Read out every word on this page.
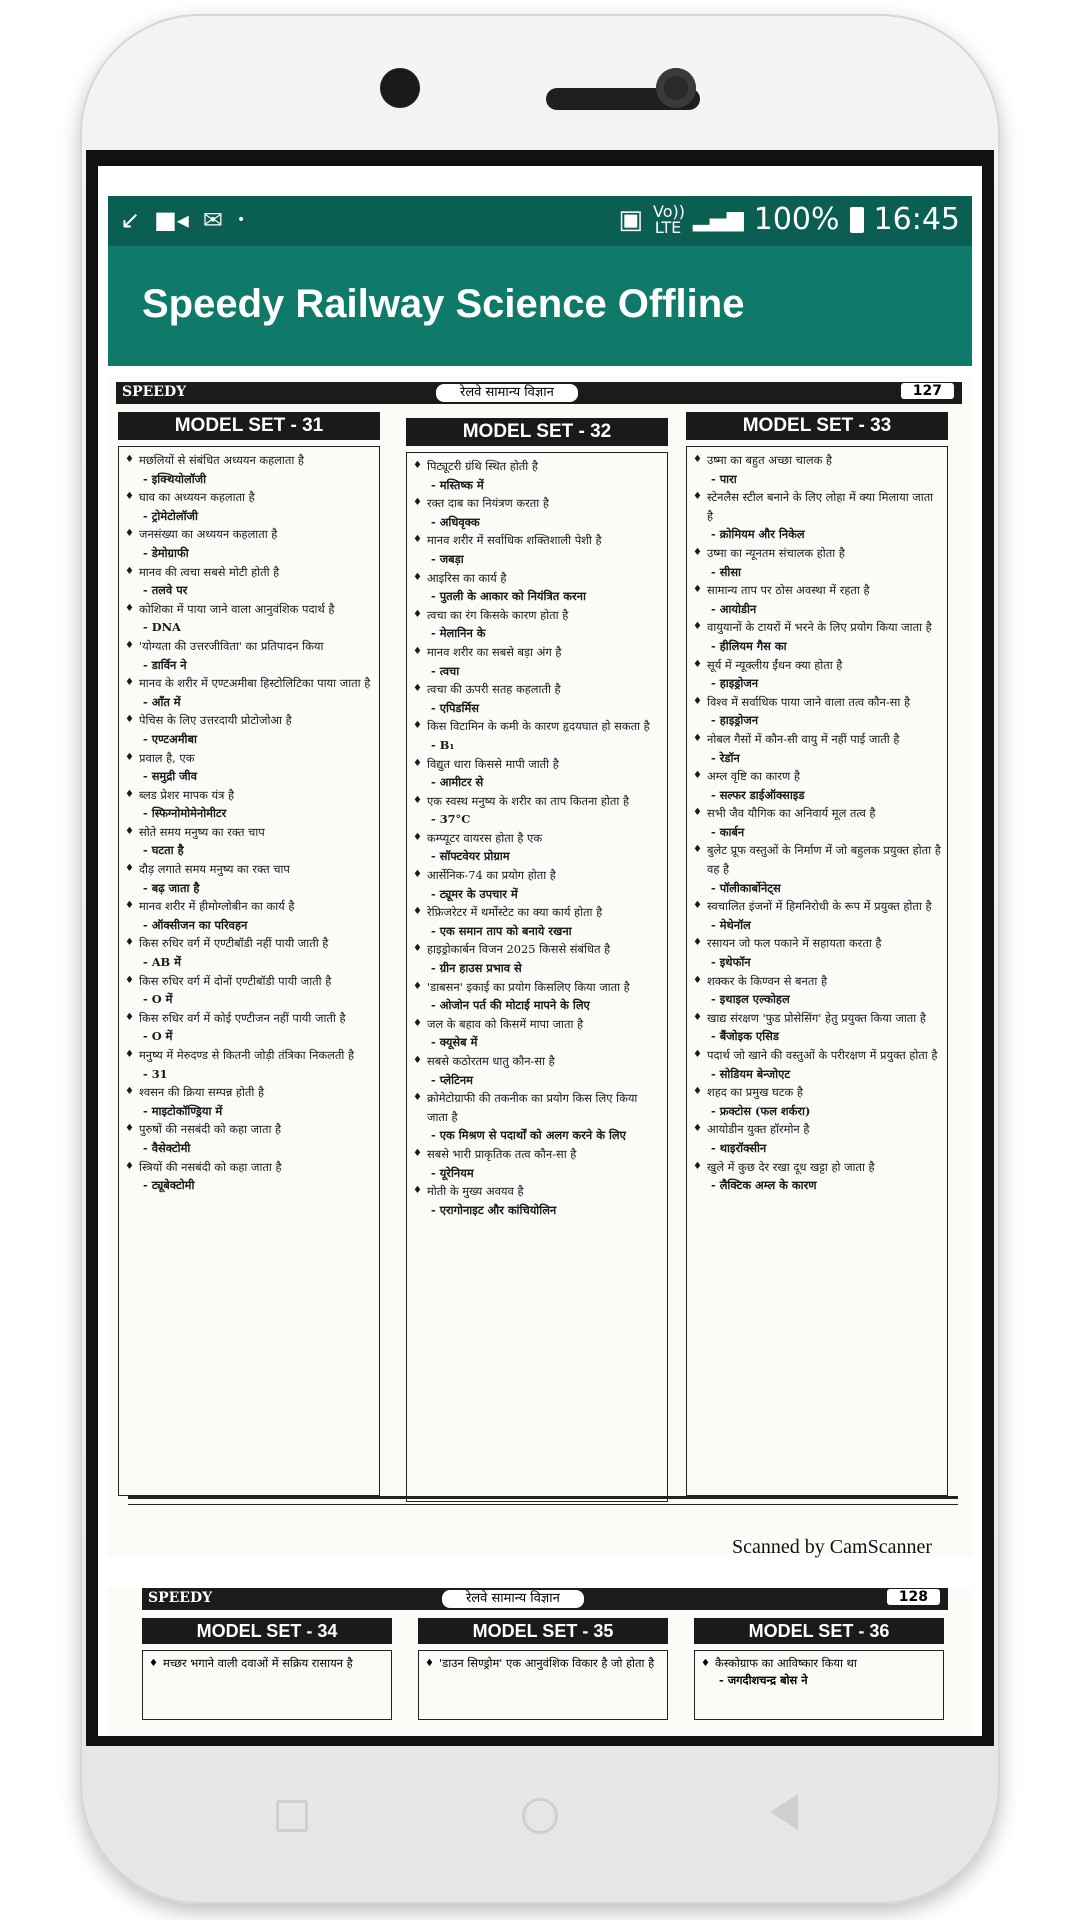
↙ ■◂ ✉ •	▣ Vo)) LTE ▂▄▆ 100% 16:45
Speedy Railway Science Offline
SPEEDY	रेलवे सामान्य विज्ञान	127
MODEL SET - 31
♦ मछलियों से संबंधित अध्ययन कहलाता है
- इक्थियोलॉजी
♦ घाव का अध्ययन कहलाता है
- ट्रोमेटोलॉजी
♦ जनसंख्या का अध्ययन कहलाता है
- डेमोग्राफी
♦ मानव की त्वचा सबसे मोटी होती है
- तलवे पर
♦ कोशिका में पाया जाने वाला आनुवंशिक पदार्थ है
- DNA
♦ 'योग्यता की उत्तरजीविता' का प्रतिपादन किया
- डार्विन ने
♦ मानव के शरीर में एण्टअमीबा हिस्टोलिटिका पाया जाता है
- आँत में
♦ पेचिस के लिए उत्तरदायी प्रोटोजोआ है
- एण्टअमीबा
♦ प्रवाल है, एक
- समुद्री जीव
♦ ब्लड प्रेशर मापक यंत्र है
- स्फिग्नोमोमेनोमीटर
♦ सोते समय मनुष्य का रक्त चाप
- घटता है
♦ दौड़ लगाते समय मनुष्य का रक्त चाप
- बढ़ जाता है
♦ मानव शरीर में हीमोग्लोबीन का कार्य है
- ऑक्सीजन का परिवहन
♦ किस रुधिर वर्ग में एण्टीबॉडी नहीं पायी जाती है
- AB में
♦ किस रुधिर वर्ग में दोनों एण्टीबॉडी पायी जाती है
- O में
♦ किस रुधिर वर्ग में कोई एण्टीजन नहीं पायी जाती है
- O में
♦ मनुष्य में मेरुदण्ड से कितनी जोड़ी तंत्रिका निकलती है
- 31
♦ श्वसन की क्रिया सम्पन्न होती है
- माइटोकॉण्ड्रिया में
♦ पुरुषों की नसबंदी को कहा जाता है
- वैसेक्टोमी
♦ स्त्रियों की नसबंदी को कहा जाता है
- ट्यूबेक्टोमी
MODEL SET - 32
♦ पिट्यूटरी ग्रंथि स्थित होती है
- मस्तिष्क में
♦ रक्त दाब का नियंत्रण करता है
- अधिवृक्क
♦ मानव शरीर में सर्वाधिक शक्तिशाली पेशी है
- जबड़ा
♦ आइरिस का कार्य है
- पुतली के आकार को नियंत्रित करना
♦ त्वचा का रंग किसके कारण होता है
- मेलानिन के
♦ मानव शरीर का सबसे बड़ा अंग है
- त्वचा
♦ त्वचा की ऊपरी सतह कहलाती है
- एपिडर्मिस
♦ किस विटामिन के कमी के कारण हृदयघात हो सकता है
- B₁
♦ विद्युत धारा किससे मापी जाती है
- आमीटर से
♦ एक स्वस्थ मनुष्य के शरीर का ताप कितना होता है
- 37°C
♦ कम्प्यूटर वायरस होता है एक
- सॉफ्टवेयर प्रोग्राम
♦ आर्सेनिक-74 का प्रयोग होता है
- ट्यूमर के उपचार में
♦ रेफ्रिजरेटर में थर्मोस्टेट का क्या कार्य होता है
- एक समान ताप को बनाये रखना
♦ हाइड्रोकार्बन विजन 2025 किससे संबंधित है
- ग्रीन हाउस प्रभाव से
♦ 'डाबसन' इकाई का प्रयोग किसलिए किया जाता है
- ओजोन पर्त की मोटाई मापने के लिए
♦ जल के बहाव को किसमें मापा जाता है
- क्यूसेब में
♦ सबसे कठोरतम धातु कौन-सा है
- प्लेटिनम
♦ क्रोमेटोग्राफी की तकनीक का प्रयोग किस लिए किया जाता है
- एक मिश्रण से पदार्थों को अलग करने के लिए
♦ सबसे भारी प्राकृतिक तत्व कौन-सा है
- यूरेनियम
♦ मोती के मुख्य अवयव है
- एरागोनाइट और कांचियोलिन
MODEL SET - 33
♦ उष्मा का बहुत अच्छा चालक है
- पारा
♦ स्टेनलैस स्टील बनाने के लिए लोहा में क्या मिलाया जाता है
- क्रोमियम और निकेल
♦ उष्मा का न्यूनतम संचालक होता है
- सीसा
♦ सामान्य ताप पर ठोस अवस्था में रहता है
- आयोडीन
♦ वायुयानों के टायरों में भरने के लिए प्रयोग किया जाता है
- हीलियम गैस का
♦ सूर्य में न्यूक्लीय ईंधन क्या होता है
- हाइड्रोजन
♦ विश्व में सर्वाधिक पाया जाने वाला तत्व कौन-सा है
- हाइड्रोजन
♦ नोबल गैसों में कौन-सी वायु में नहीं पाई जाती है
- रेडॉन
♦ अम्ल वृष्टि का कारण है
- सल्फर डाईऑक्साइड
♦ सभी जैव यौगिक का अनिवार्य मूल तत्व है
- कार्बन
♦ बुलेट प्रूफ वस्तुओं के निर्माण में जो बहुलक प्रयुक्त होता है वह है
- पॉलीकार्बोनेट्स
♦ स्वचालित इंजनों में हिमनिरोधी के रूप में प्रयुक्त होता है
- मेथेनॉल
♦ रसायन जो फल पकाने में सहायता करता है
- इथेफॉन
♦ शक्कर के किण्वन से बनता है
- इथाइल एल्कोहल
♦ खाद्य संरक्षण 'फुड प्रोसेसिंग' हेतु प्रयुक्त किया जाता है
- बैंजोइक एसिड
♦ पदार्थ जो खाने की वस्तुओं के परीरक्षण में प्रयुक्त होता है
- सोडियम बेन्जोएट
♦ शहद का प्रमुख घटक है
- फ्रक्टोस (फल शर्करा)
♦ आयोडीन युक्त हॉरमोन है
- थाइरॉक्सीन
♦ खुले में कुछ देर रखा दूध खट्टा हो जाता है
- लैक्टिक अम्ल के कारण
Scanned by CamScanner
SPEEDY	रेलवे सामान्य विज्ञान	128
MODEL SET - 34
♦ मच्छर भगाने वाली दवाओं में सक्रिय रासायन है
MODEL SET - 35
♦ 'डाउन सिण्ड्रोम' एक आनुवंशिक विकार है जो होता है
MODEL SET - 36
♦ कैस्कोग्राफ का आविष्कार किया था
- जगदीशचन्द्र बोस ने
